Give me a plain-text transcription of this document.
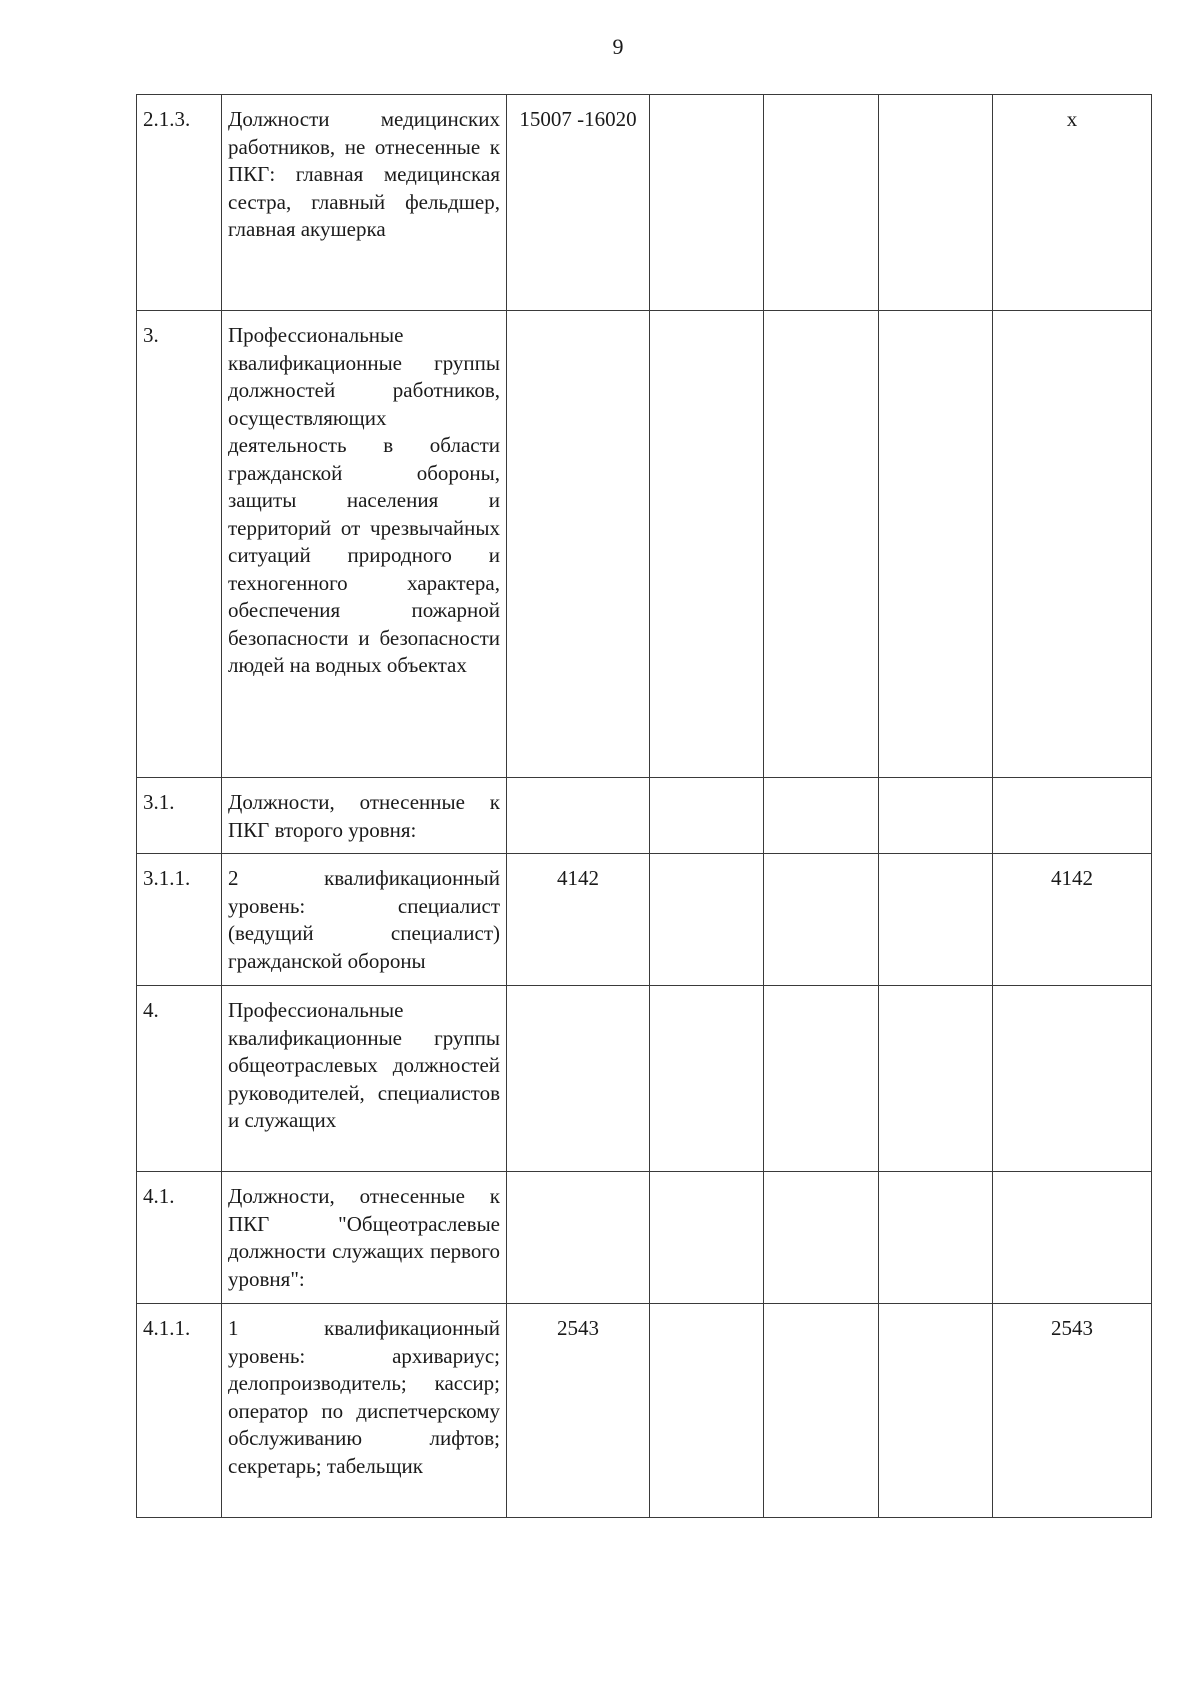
9
2.1.3.	Должности медицинских работников, не отнесенные к ПКГ: главная медицинская сестра, главный фельдшер, главная акушерка	15007 -16020				х
3.	Профессиональные квалификационные группы должностей работников, осуществляющих деятельность в области гражданской обороны, защиты населения и территорий от чрезвычайных ситуаций природного и техногенного характера, обеспечения пожарной безопасности и безопасности людей на водных объектах					
3.1.	Должности, отнесенные к ПКГ второго уровня:					
3.1.1.	2 квалификационный уровень: специалист (ведущий специалист) гражданской обороны	4142				4142
4.	Профессиональные квалификационные группы общеотраслевых должностей руководителей, специалистов и служащих					
4.1.	Должности, отнесенные к ПКГ "Общеотраслевые должности служащих первого уровня":					
4.1.1.	1 квалификационный уровень: архивариус; делопроизводитель; кассир; оператор по диспетчерскому обслуживанию лифтов; секретарь; табельщик	2543				2543
